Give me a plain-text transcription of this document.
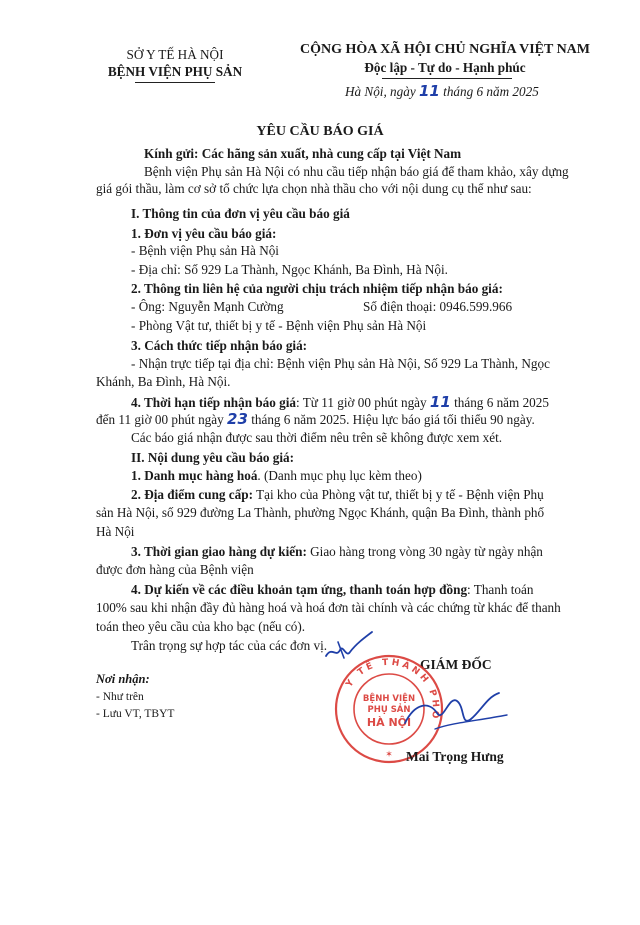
SỞ Y TẾ HÀ NỘI
BỆNH VIỆN PHỤ SẢN
CỘNG HÒA XÃ HỘI CHỦ NGHĨA VIỆT NAM
Độc lập - Tự do - Hạnh phúc
Hà Nội, ngày 11 tháng 6 năm 2025
YÊU CẦU BÁO GIÁ
Kính gửi: Các hãng sản xuất, nhà cung cấp tại Việt Nam
Bệnh viện Phụ sản Hà Nội có nhu cầu tiếp nhận báo giá để tham khảo, xây dựng
giá gói thầu, làm cơ sở tổ chức lựa chọn nhà thầu cho với nội dung cụ thể như sau:
I. Thông tin của đơn vị yêu cầu báo giá
1. Đơn vị yêu cầu báo giá:
- Bệnh viện Phụ sản Hà Nội
- Địa chỉ: Số 929 La Thành, Ngọc Khánh, Ba Đình, Hà Nội.
2. Thông tin liên hệ của người chịu trách nhiệm tiếp nhận báo giá:
- Ông: Nguyễn Mạnh Cường	Số điện thoại: 0946.599.966
- Phòng Vật tư, thiết bị y tế - Bệnh viện Phụ sản Hà Nội
3. Cách thức tiếp nhận báo giá:
- Nhận trực tiếp tại địa chỉ: Bệnh viện Phụ sản Hà Nội, Số 929 La Thành, Ngọc
Khánh, Ba Đình, Hà Nội.
4. Thời hạn tiếp nhận báo giá: Từ 11 giờ 00 phút ngày 11 tháng 6 năm 2025
đến 11 giờ 00 phút ngày 23 tháng 6 năm 2025. Hiệu lực báo giá tối thiểu 90 ngày.
Các báo giá nhận được sau thời điểm nêu trên sẽ không được xem xét.
II. Nội dung yêu cầu báo giá:
1. Danh mục hàng hoá. (Danh mục phụ lục kèm theo)
2. Địa điểm cung cấp: Tại kho của Phòng vật tư, thiết bị y tế - Bệnh viện Phụ
sản Hà Nội, số 929 đường La Thành, phường Ngọc Khánh, quận Ba Đình, thành phố
Hà Nội
3. Thời gian giao hàng dự kiến: Giao hàng trong vòng 30 ngày từ ngày nhận
được đơn hàng của Bệnh viện
4. Dự kiến về các điều khoản tạm ứng, thanh toán hợp đồng: Thanh toán
100% sau khi nhận đầy đủ hàng hoá và hoá đơn tài chính và các chứng từ khác để thanh
toán theo yêu cầu của kho bạc (nếu có).
Trân trọng sự hợp tác của các đơn vị.
Nơi nhận:
- Như trên
- Lưu VT, TBYT
GIÁM ĐỐC
Y TẾ THÀNH PHỐ
BỆNH VIỆN
PHỤ SẢN
HÀ NỘI
✶ Mai Trọng Hưng
